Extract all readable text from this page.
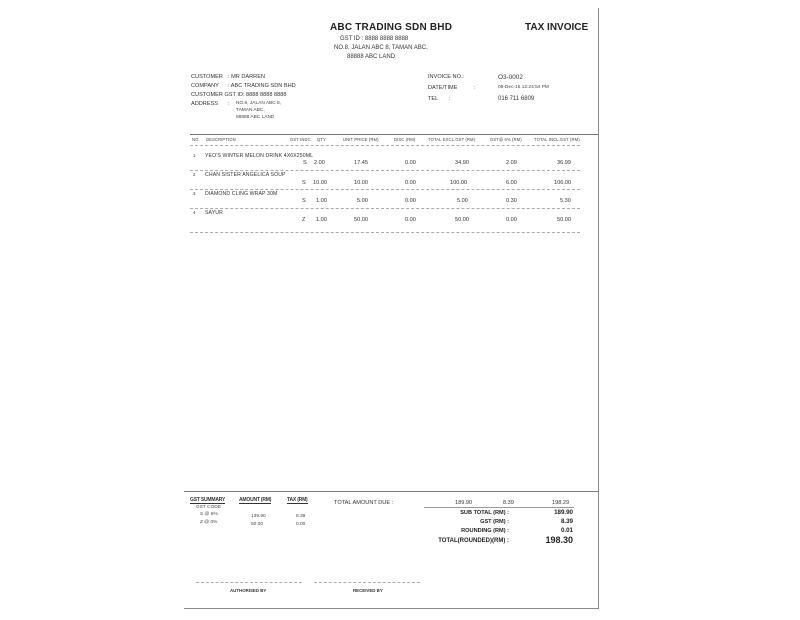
ABC TRADING SDN BHD	TAX INVOICE
GST ID : 8888 8888 8888
NO.8, JALAN ABC 8, TAMAN ABC,
88888 ABC LAND
CUSTOMER : MR DARREN
COMPANY : ABC TRADING SDN BHD
CUSTOMER GST ID: 8888 8888 8888
ADDRESS : NO.8, JALAN ABC 8,
TAMAN ABC,
88888 ABC LAND
INVOICE NO.:	O3-0002
DATE/TIME	:	08-Dec-15 12:24:54 PM
TEL :	016 711 6809
NO. DESCRIPTION	GST INDC. QTY	UNIT PRICE (RM)	DISC (RM)	TOTAL EXCL.GST (RM)	GST@ 6% (RM)	TOTAL INCL.GST (RM)
1 YEO'S WINTER MELON DRINK 4X6X250ML
S 2.00	17.45	0.00	34.90	2.09	36.99
2 CHAN SISTER ANGELICA SOUP
S 10.00	10.00	0.00	100.00	6.00	106.00
3 DIAMOND CLING WRAP 30M
S 1.00	5.00	0.00	5.00	0.30	5.30
4 SAYUR
Z 1.00	50.00	0.00	50.00	0.00	50.00
GST SUMMARY	AMOUNT (RM)	TAX (RM)
GST CODE
S @ 6%	139.90	8.39
Z @ 0%	50.00	0.00
TOTAL AMOUNT DUE :	189.90	8.39	198.29
SUB TOTAL (RM) :	189.90
GST (RM) :	8.39
ROUNDING (RM) :	0.01
TOTAL(ROUNDED)(RM) :	198.30
AUTHORISED BY	RECEIVED BY
